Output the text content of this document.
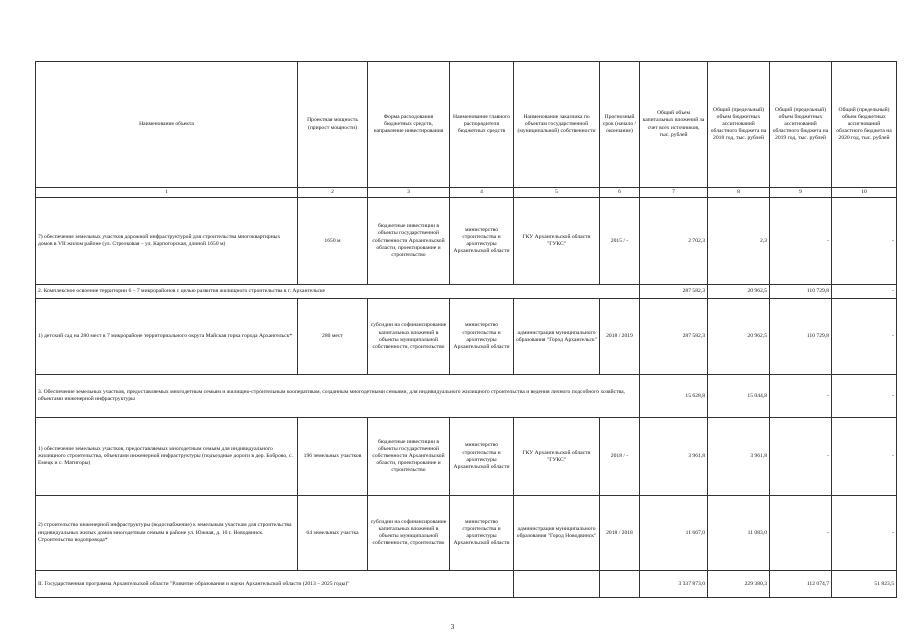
Наименование объекта	Проектная мощность (прирост мощности)	Форма расходования бюджетных средств, направление инвестирования	Наименование главного распорядителя бюджетных средств	Наименование заказчика по объектам государственной (муниципальной) собственности	Прогнозный срок (начало / окончание)	Общий объем капитальных вложений за счет всех источников, тыс. рублей	Общий (предельный) объем бюджетных ассигнований областного бюджета на 2018 год, тыс. рублей	Общий (предельный) объем бюджетных ассигнований областного бюджета на 2019 год, тыс. рублей	Общий (предельный) объем бюджетных ассигнований областного бюджета на 2020 год, тыс. рублей
1	2	3	4	5	6	7	8	9	10
7) обеспечение земельных участков дорожной инфраструктурой для строительства многоквартирных домов в VII жилом районе (ул. Стрелковая – ул. Карпогорская, длиной 1650 м)	1650 м	бюджетные инвестиции в объекты государственной собственности Архангельской области, проектирование и строительство	министерство строительства и архитектуры Архангельской области	ГКУ Архангельской области "ГУКС"	2015 / -	2 702,3	2,3	-	-
2. Комплексное освоение территории 6 – 7 микрорайонов с целью развития жилищного строительства в г. Архангельске						287 582,3	20 962,5	110 729,8	-
1) детский сад на 280 мест в 7 микрорайоне территориального округа Майская горка города Архангельск*	280 мест	субсидии на софинансирование капитальных вложений в объекты муниципальной собственности, строительство	министерство строительства и архитектуры Архангельской области	администрация муниципального образования "Город Архангельск"	2018 / 2019	287 582,3	20 962,5	110 729,8	-
3. Обеспечение земельных участков, предоставляемых многодетным семьям и жилищно-строительным кооперативам, созданным многодетными семьями, для индивидуального жилищного строительства и ведения личного подсобного хозяйства, объектами инженерной инфраструктуры						15 628,8	15 044,8	-	-
1) обеспечение земельных участков, предоставляемых многодетным семьям для индивидуального жилищного строительства, объектами инженерной инфраструктуры (подъездные дороги в дер. Боброво, с. Емецк и с. Матигоры)	196 земельных участков	бюджетные инвестиции в объекты государственной собственности Архангельской области, проектирование и строительство	министерство строительства и архитектуры Архангельской области	ГКУ Архангельской области "ГУКС"	2018 / -	3 961,8	3 961,8	-	-
2) строительство инженерной инфраструктуры (водоснабжение) к земельным участкам для строительства индивидуальных жилых домов многодетным семьям в районе ул. Южная, д. 10 г. Новодвинск. Строительство водопровода*	64 земельных участка	субсидии на софинансирование капитальных вложений в объекты муниципальной собственности, строительство	министерство строительства и архитектуры Архангельской области	администрация муниципального образования "Город Новодвинск"	2018 / 2018	11 667,0	11 083,0	-	-
II. Государственная программа Архангельской области "Развитие образования и науки Архангельской области (2013 – 2025 годы)"						3 337 873,0	229 380,3	112 074,7	51 823,5
3
